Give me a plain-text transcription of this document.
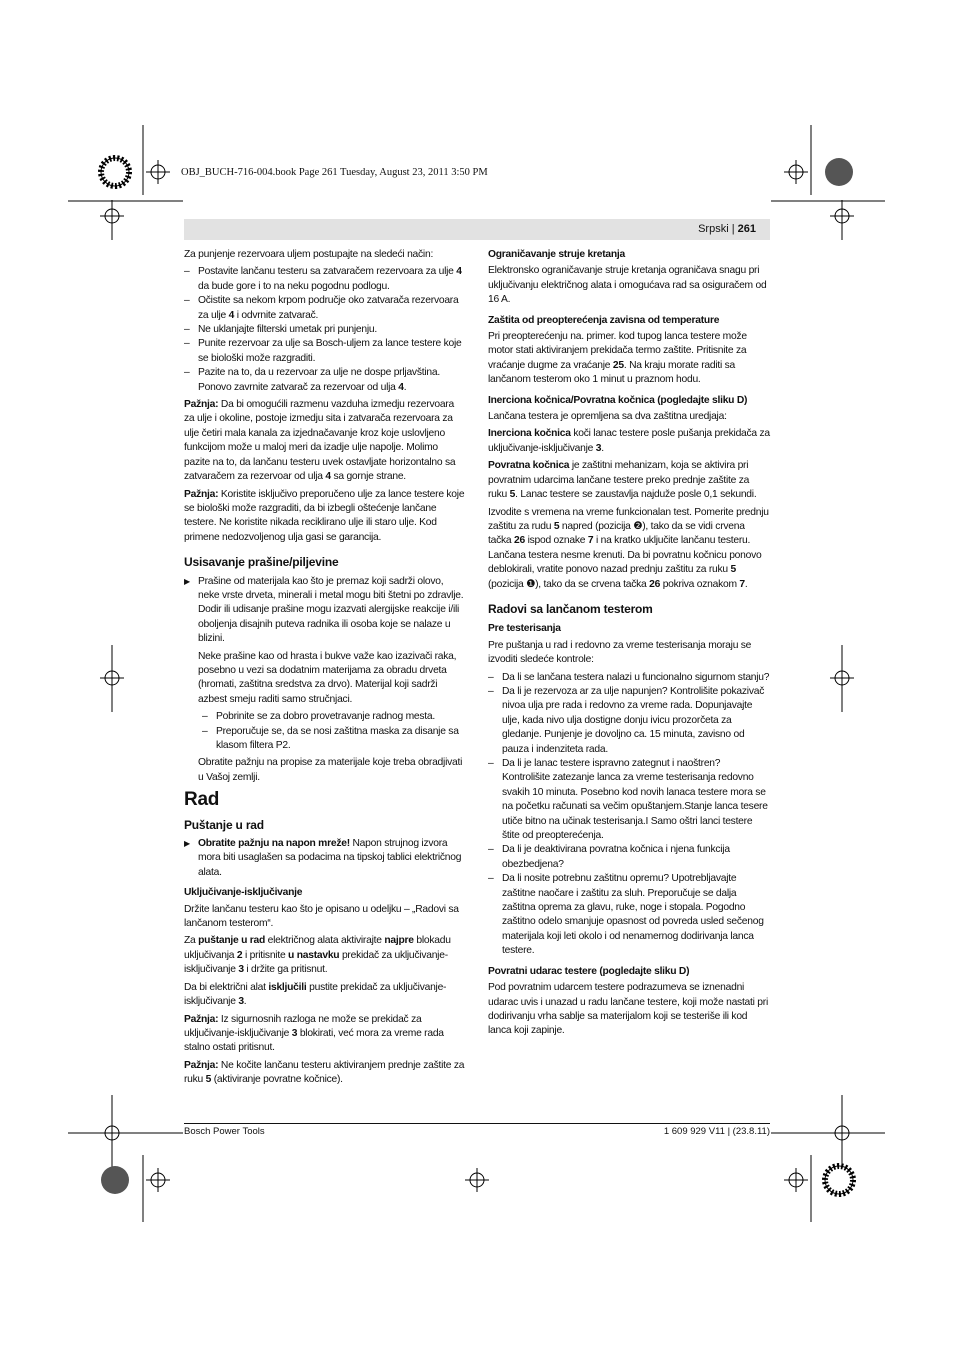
OBJ_BUCH-716-004.book Page 261 Tuesday, August 23, 2011 3:50 PM
Srpski | 261

Za punjenje rezervoara uljem postupajte na sledeći način:

– Postavite lančanu testeru sa zatvaračem rezervoara za ulje 4 da bude gore i to na neku pogodnu podlogu.

– Očistite sa nekom krpom područje oko zatvarača rezervoara za ulje 4 i odvrnite zatvarač.

– Ne uklanjajte filterski umetak pri punjenju.

– Punite rezervoar za ulje sa Bosch-uljem za lance testere koje se biološki može razgraditi.

– Pazite na to, da u rezervoar za ulje ne dospe prljavština. Ponovo zavrnite zatvarač za rezervoar od ulja 4.

Pažnja: Da bi omogućili razmenu vazduha izmedju rezervoara za ulje i okoline, postoje izmedju sita i zatvarača rezervoara za ulje četiri mala kanala za izjednačavanje kroz koje uslovljeno funkcijom može u maloj meri da izadje ulje napolje. Molimo pazite na to, da lančanu testeru uvek ostavljate horizontalno sa zatvaračem za rezervoar od ulja 4 sa gornje strane.

Pažnja: Koristite isključivo preporučeno ulje za lance testere koje se biološki može razgraditi, da bi izbegli oštećenje lančane testere. Ne koristite nikada reciklirano ulje ili staro ulje. Kod primene nedozvoljenog ulja gasi se garancija.

Usisavanje prašine/piljevine

▶ Prašine od materijala kao što je premaz koji sadrži olovo, neke vrste drveta, minerali i metal mogu biti štetni po zdravlje. Dodir ili udisanje prašine mogu izazvati alergijske reakcije i/ili oboljenja disajnih puteva radnika ili osoba koje se nalaze u blizini.

Neke prašine kao od hrasta i bukve važe kao izazivači raka, posebno u vezi sa dodatnim materijama za obradu drveta (hromati, zaštitna sredstva za drvo). Materijal koji sadrži azbest smeju raditi samo stručnjaci.

– Pobrinite se za dobro provetravanje radnog mesta.

– Preporučuje se, da se nosi zaštitna maska za disanje sa klasom filtera P2.

Obratite pažnju na propise za materijale koje treba obradjivati u Vašoj zemlji.

Rad
Puštanje u rad

▶ Obratite pažnju na napon mreže! Napon strujnog izvora mora biti usaglašen sa podacima na tipskoj tablici električnog alata.

Uključivanje-isključivanje

Držite lančanu testeru kao što je opisano u odeljku – „Radovi sa lančanom testerom“.

Za puštanje u rad električnog alata aktivirajte najpre blokadu uključivanja 2 i pritisnite u nastavku prekidač za uključivanje-isključivanje 3 i držite ga pritisnut.

Da bi električni alat isključili pustite prekidač za uključivanje-isključivanje 3.

Pažnja: Iz sigurnosnih razloga ne može se prekidač za uključivanje-isključivanje 3 blokirati, već mora za vreme rada stalno ostati pritisnut.

Pažnja: Ne kočite lančanu testeru aktiviranjem prednje zaštite za ruku 5 (aktiviranje povratne kočnice).

Ograničavanje struje kretanja

Elektronsko ograničavanje struje kretanja ograničava snagu pri uključivanju električnog alata i omogućava rad sa osiguračem od 16 A.

Zaštita od preopterećenja zavisna od temperature

Pri preopterećenju na. primer. kod tupog lanca testere može motor stati aktiviranjem prekidača termo zaštite. Pritisnite za vraćanje dugme za vraćanje 25. Na kraju morate raditi sa lančanom testerom oko 1 minut u praznom hodu.

Inerciona kočnica/Povratna kočnica (pogledajte sliku D)

Lančana testera je opremljena sa dva zaštitna uredjaja:

Inerciona kočnica koči lanac testere posle pušanja prekidača za uključivanje-isključivanje 3.

Povratna kočnica je zaštitni mehanizam, koja se aktivira pri povratnim udarcima lančane testere preko prednje zaštite za ruku 5. Lanac testere se zaustavlja najduže posle 0,1 sekundi.

Izvodite s vremena na vreme funkcionalan test. Pomerite prednju zaštitu za rudu 5 napred (pozicija ❷), tako da se vidi crvena tačka 26 ispod oznake 7 i na kratko uključite lančanu testeru. Lančana testera nesme krenuti. Da bi povratnu kočnicu ponovo deblokirali, vratite ponovo nazad prednju zaštitu za ruku 5 (pozicija ❶), tako da se crvena tačka 26 pokriva oznakom 7.

Radovi sa lančanom testerom
Pre testerisanja

Pre puštanja u rad i redovno za vreme testerisanja moraju se izvoditi sledeće kontrole:

– Da li se lančana testera nalazi u funcionalno sigurnom stanju?

– Da li je rezervoza ar za ulje napunjen? Kontrolišite pokazivač nivoa ulja pre rada i redovno za vreme rada. Dopunjavajte ulje, kada nivo ulja dostigne donju ivicu prozorčeta za gledanje. Punjenje je dovoljno ca. 15 minuta, zavisno od pauza i indenziteta rada.

– Da li je lanac testere ispravno zategnut i naoštren? Kontrolišite zatezanje lanca za vreme testerisanja redovno svakih 10 minuta. Posebno kod novih lanaca testere mora se na početku računati sa večim opuštanjem.Stanje lanca tesere utiče bitno na učinak testerisanja.I Samo oštri lanci testere štite od preopterećenja.

– Da li je deaktivirana povratna kočnica i njena funkcija obezbedjena?

– Da li nosite potrebnu zaštitnu opremu? Upotrebljavajte zaštitne naočare i zaštitu za sluh. Preporučuje se dalja zaštitna oprema za glavu, ruke, noge i stopala. Pogodno zaštitno odelo smanjuje opasnost od povreda usled sečenog materijala koji leti okolo i od nenamernog dodirivanja lanca testere.

Povratni udarac testere (pogledajte sliku D)

Pod povratnim udarcem testere podrazumeva se iznenadni udarac uvis i unazad u radu lančane testere, koji može nastati pri dodirivanju vrha sablje sa materijalom koji se testeriše ili kod lanca koji zapinje.

Bosch Power Tools	1 609 929 V11 | (23.8.11)
